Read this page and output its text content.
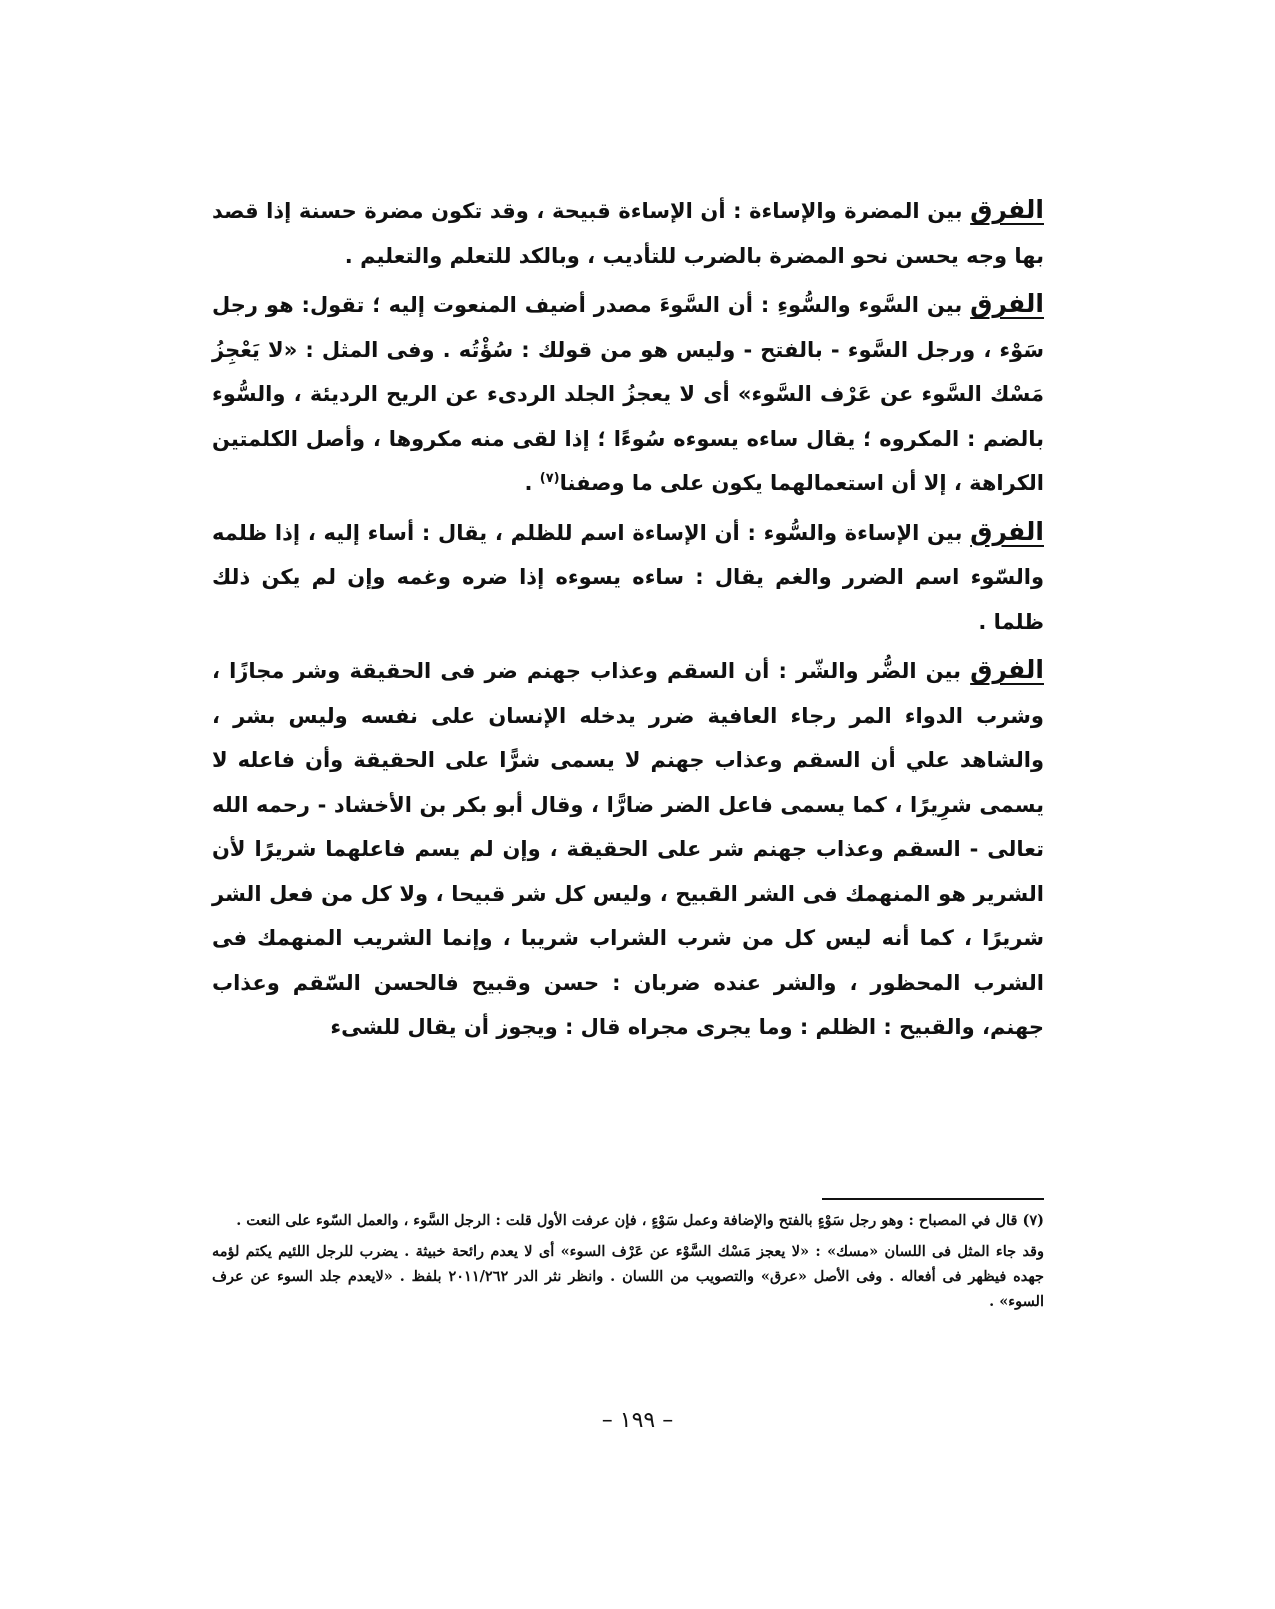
الفرق بين المضرة والإساءة : أن الإساءة قبيحة ، وقد تكون مضرة حسنة إذا قصد بها وجه يحسن نحو المضرة بالضرب للتأديب ، وبالكد للتعلم والتعليم .

الفرق بين السَّوء والسُّوءِ : أن السَّوءَ مصدر أضيف المنعوت إليه ؛ تقول: هو رجل سَوْء ، ورجل السَّوء - بالفتح - وليس هو من قولك : سُؤْتُه . وفى المثل : «لا يَعْجِزُ مَسْك السَّوء عن عَرْف السَّوء» أى لا يعجزُ الجلد الردىء عن الريح الرديئة ، والسُّوء بالضم : المكروه ؛ يقال ساءه يسوءه سُوءًا ؛ إذا لقى منه مكروها ، وأصل الكلمتين الكراهة ، إلا أن استعمالهما يكون على ما وصفنا$^{(٧)}$ .

الفرق بين الإساءة والسُّوء : أن الإساءة اسم للظلم ، يقال : أساء إليه ، إذا ظلمه والسّوء اسم الضرر والغم يقال : ساءه يسوءه إذا ضره وغمه وإن لم يكن ذلك ظلما .

الفرق بين الضُّر والشّر : أن السقم وعذاب جهنم ضر فى الحقيقة وشر مجازًا ، وشرب الدواء المر رجاء العافية ضرر يدخله الإنسان على نفسه وليس بشر ، والشاهد علي أن السقم وعذاب جهنم لا يسمى شرًّا على الحقيقة وأن فاعله لا يسمى شرِيرًا ، كما يسمى فاعل الضر ضارًّا ، وقال أبو بكر بن الأخشاد - رحمه الله تعالى - السقم وعذاب جهنم شر على الحقيقة ، وإن لم يسم فاعلهما شريرًا لأن الشرير هو المنهمك فى الشر القبيح ، وليس كل شر قبيحا ، ولا كل من فعل الشر شريرًا ، كما أنه ليس كل من شرب الشراب شريبا ، وإنما الشريب المنهمك فى الشرب المحظور ، والشر عنده ضربان : حسن وقبيح فالحسن السّقم وعذاب جهنم، والقبيح : الظلم : وما يجرى مجراه قال : ويجوز أن يقال للشىء

(٧) قال في المصباح : وهو رجل سَوْءٍ بالفتح والإضافة وعمل سَوْءٍ ، فإن عرفت الأول قلت : الرجل السَّوء ، والعمل السّوء على النعت .

وقد جاء المثل فى اللسان «مسك» : «لا يعجز مَسْك السَّوْء عن عَرْف السوء» أى لا يعدم رائحة خبيثة . يضرب للرجل اللئيم يكتم لؤمه جهده فيظهر فى أفعاله . وفى الأصل «عرق» والتصويب من اللسان . وانظر نثر الدر ٢٠١١/٢٦٢ بلفظ . «لايعدم جلد السوء عن عرف السوء» .

– ١٩٩ –
